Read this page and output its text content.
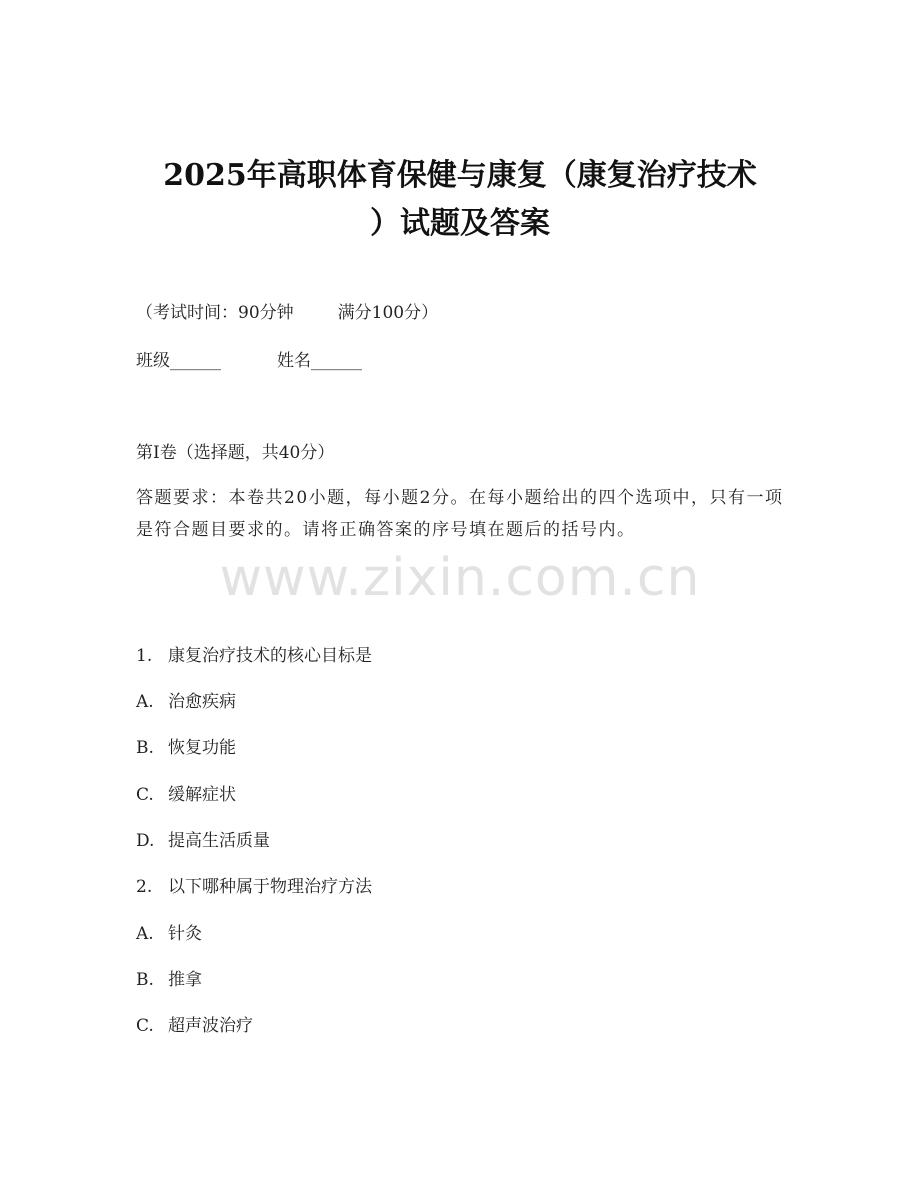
2025年高职体育保健与康复（康复治疗技术
）试题及答案
（考试时间：90分钟	满分100分）
班级______	姓名______
第I卷（选择题，共40分）
答题要求：本卷共20小题，每小题2分。在每小题给出的四个选项中，只有一项是符合题目要求的。请将正确答案的序号填在题后的括号内。
www.zixin.com.cn
1. 康复治疗技术的核心目标是
A. 治愈疾病
B. 恢复功能
C. 缓解症状
D. 提高生活质量
2. 以下哪种属于物理治疗方法
A. 针灸
B. 推拿
C. 超声波治疗
